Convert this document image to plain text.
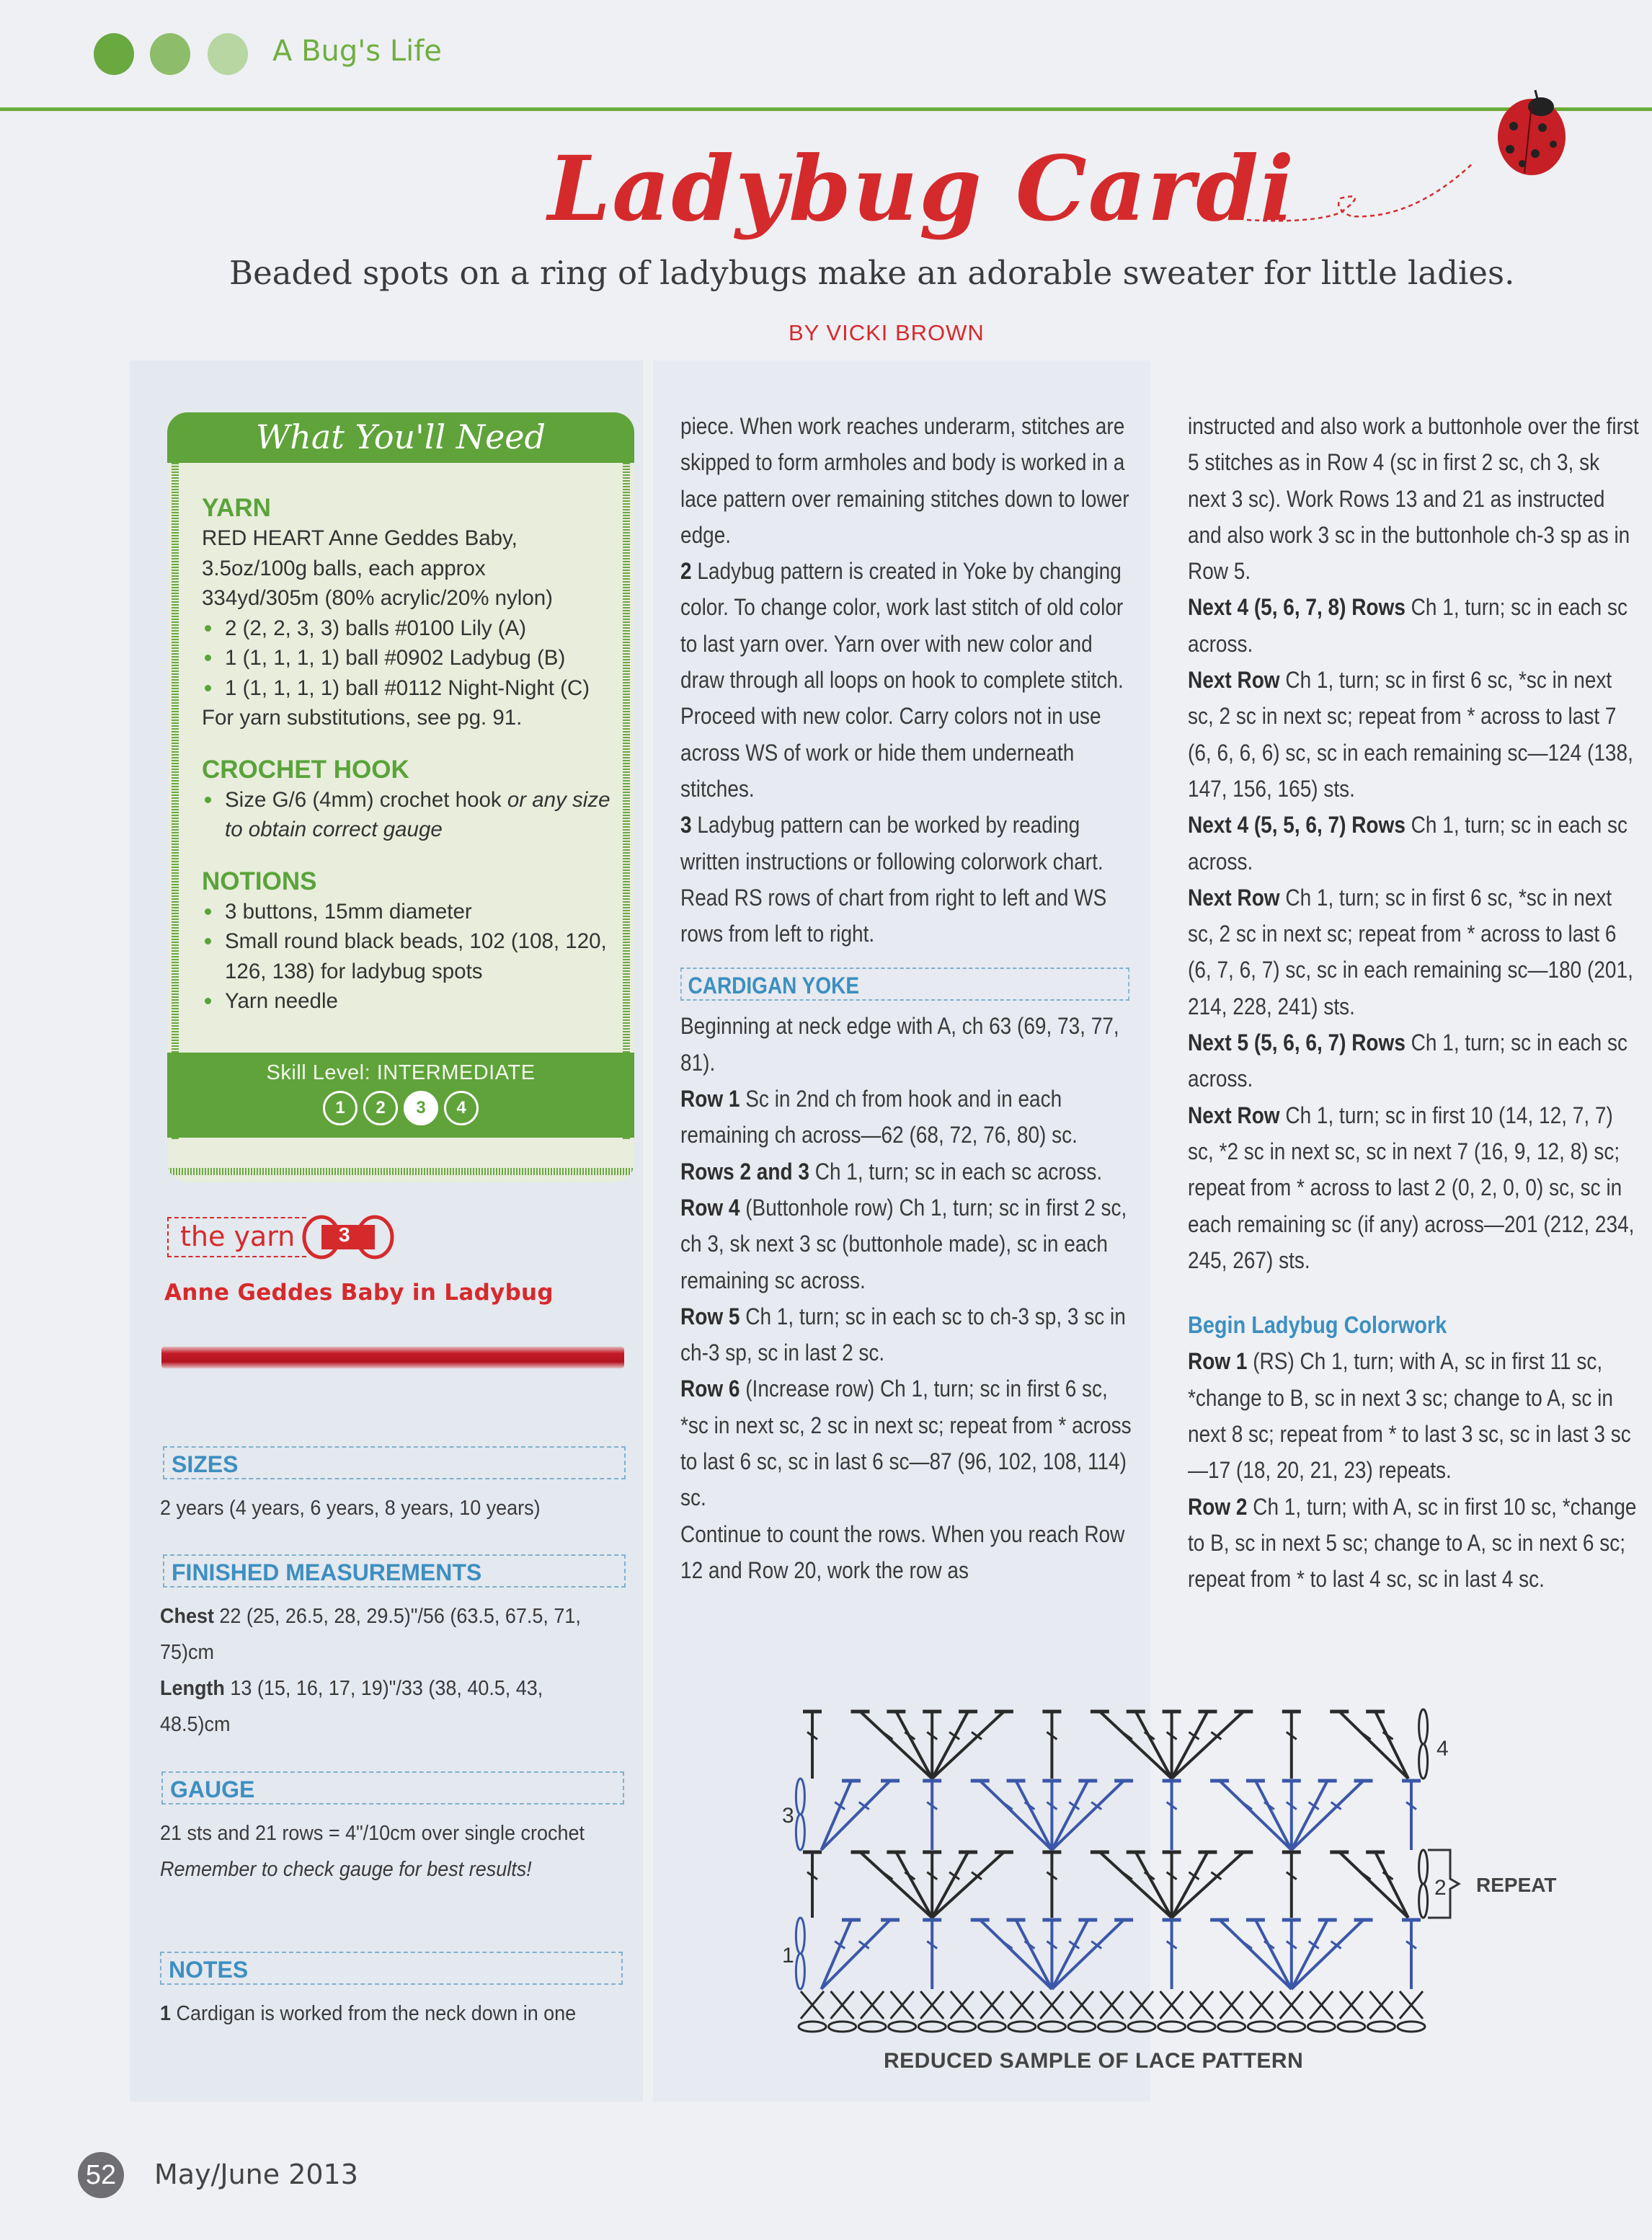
A Bug's Life
Ladybug Cardi
Beaded spots on a ring of ladybugs make an adorable sweater for little ladies.
BY VICKI BROWN
What You'll Need
YARN
RED HEART Anne Geddes Baby,
3.5oz/100g balls, each approx
334yd/305m (80% acrylic/20% nylon)
2 (2, 2, 3, 3) balls #0100 Lily (A)
1 (1, 1, 1, 1) ball #0902 Ladybug (B)
1 (1, 1, 1, 1) ball #0112 Night-Night (C)
For yarn substitutions, see pg. 91.
CROCHET HOOK
Size G/6 (4mm) crochet hook or any size to obtain correct gauge
NOTIONS
3 buttons, 15mm diameter
Small round black beads, 102 (108, 120, 126, 138) for ladybug spots
Yarn needle
Skill Level: INTERMEDIATE
1	2	3	4
the yarn	3
Anne Geddes Baby in Ladybug
SIZES
2 years (4 years, 6 years, 8 years, 10 years)
FINISHED MEASUREMENTS
Chest 22 (25, 26.5, 28, 29.5)"/56 (63.5, 67.5, 71, 75)cm
Length 13 (15, 16, 17, 19)"/33 (38, 40.5, 43, 48.5)cm
GAUGE
21 sts and 21 rows = 4"/10cm over single crochet
Remember to check gauge for best results!
NOTES
1 Cardigan is worked from the neck down in one

piece. When work reaches underarm, stitches are skipped to form armholes and body is worked in a lace pattern over remaining stitches down to lower edge.

2 Ladybug pattern is created in Yoke by changing color. To change color, work last stitch of old color to last yarn over. Yarn over with new color and draw through all loops on hook to complete stitch. Proceed with new color. Carry colors not in use across WS of work or hide them underneath stitches.

3 Ladybug pattern can be worked by reading written instructions or following colorwork chart. Read RS rows of chart from right to left and WS rows from left to right.

CARDIGAN YOKE

Beginning at neck edge with A, ch 63 (69, 73, 77, 81).

Row 1 Sc in 2nd ch from hook and in each remaining ch across—62 (68, 72, 76, 80) sc.

Rows 2 and 3 Ch 1, turn; sc in each sc across.

Row 4 (Buttonhole row) Ch 1, turn; sc in first 2 sc, ch 3, sk next 3 sc (buttonhole made), sc in each remaining sc across.

Row 5 Ch 1, turn; sc in each sc to ch-3 sp, 3 sc in ch-3 sp, sc in last 2 sc.

Row 6 (Increase row) Ch 1, turn; sc in first 6 sc, *sc in next sc, 2 sc in next sc; repeat from * across to last 6 sc, sc in last 6 sc—87 (96, 102, 108, 114) sc.

Continue to count the rows. When you reach Row 12 and Row 20, work the row as

instructed and also work a buttonhole over the first 5 stitches as in Row 4 (sc in first 2 sc, ch 3, sk next 3 sc). Work Rows 13 and 21 as instructed and also work 3 sc in the buttonhole ch-3 sp as in Row 5.

Next 4 (5, 6, 7, 8) Rows Ch 1, turn; sc in each sc across.

Next Row Ch 1, turn; sc in first 6 sc, *sc in next sc, 2 sc in next sc; repeat from * across to last 7 (6, 6, 6, 6) sc, sc in each remaining sc—124 (138, 147, 156, 165) sts.

Next 4 (5, 5, 6, 7) Rows Ch 1, turn; sc in each sc across.

Next Row Ch 1, turn; sc in first 6 sc, *sc in next sc, 2 sc in next sc; repeat from * across to last 6 (6, 7, 6, 7) sc, sc in each remaining sc—180 (201, 214, 228, 241) sts.

Next 5 (5, 6, 6, 7) Rows Ch 1, turn; sc in each sc across.

Next Row Ch 1, turn; sc in first 10 (14, 12, 7, 7) sc, *2 sc in next sc, sc in next 7 (16, 9, 12, 8) sc; repeat from * across to last 2 (0, 2, 0, 0) sc, sc in each remaining sc (if any) across—201 (212, 234, 245, 267) sts.

Begin Ladybug Colorwork

Row 1 (RS) Ch 1, turn; with A, sc in first 11 sc, *change to B, sc in next 3 sc; change to A, sc in next 8 sc; repeat from * to last 3 sc, sc in last 3 sc—17 (18, 20, 21, 23) repeats.

Row 2 Ch 1, turn; with A, sc in first 10 sc, *change to B, sc in next 5 sc; change to A, sc in next 6 sc; repeat from * to last 4 sc, sc in last 4 sc.

1
2
3
4
REPEAT
REDUCED SAMPLE OF LACE PATTERN
52 May/June 2013
